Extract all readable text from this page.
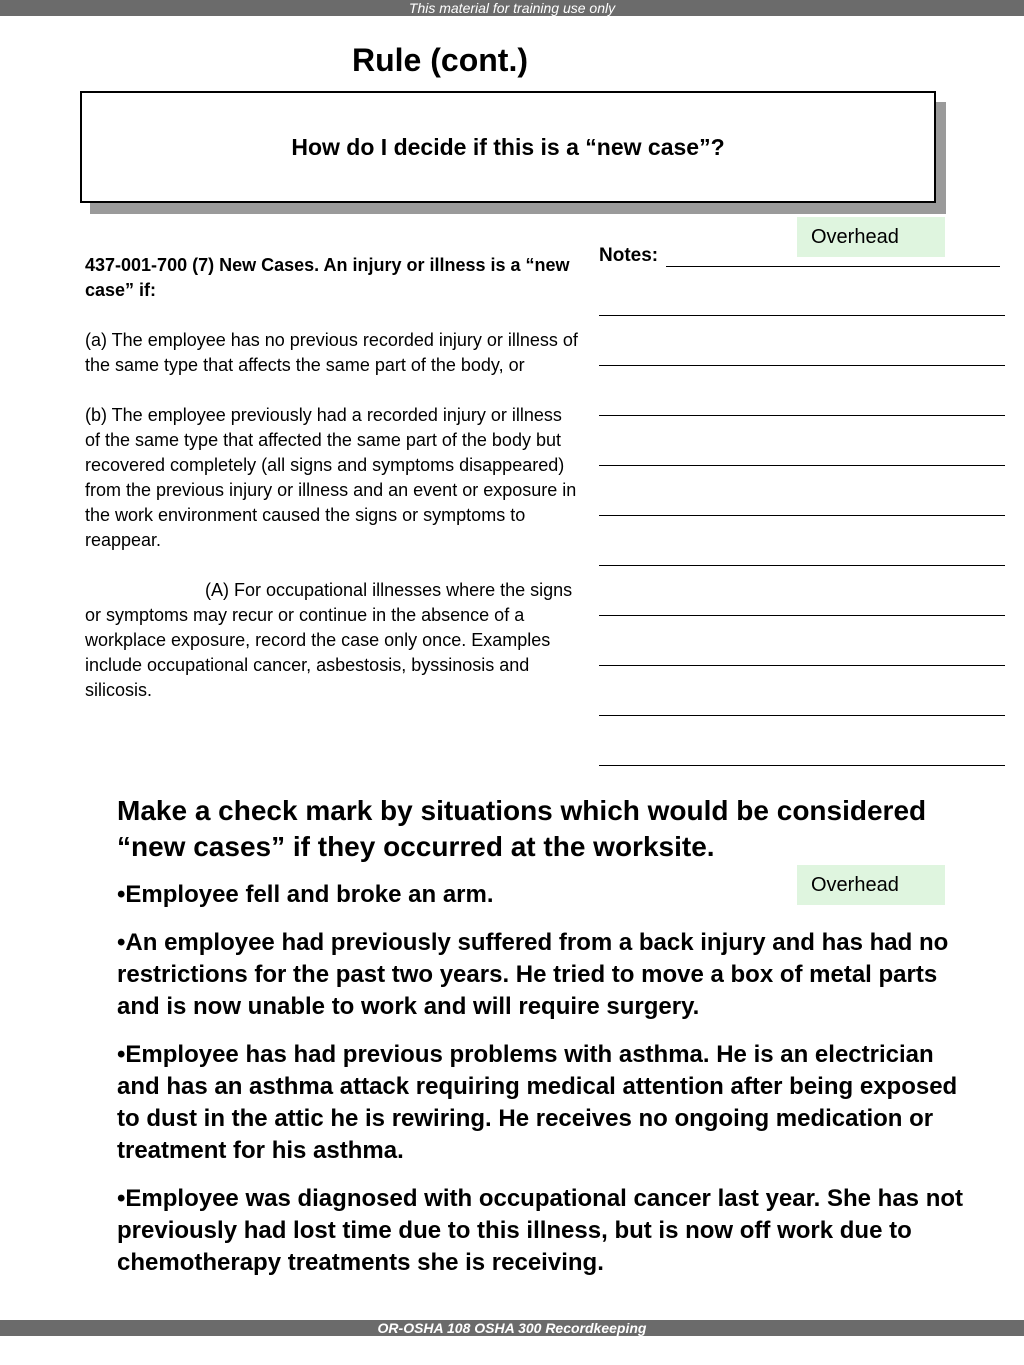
This material for training use only
Rule (cont.)
How do I decide if this is a “new case”?
Overhead

437-001-700 (7) New Cases. An injury or illness is a “new case” if:

(a) The employee has no previous recorded injury or illness of the same type that affects the same part of the body, or

(b) The employee previously had a recorded injury or illness of the same type that affected the same part of the body but recovered completely (all signs and symptoms disappeared) from the previous injury or illness and an event or exposure in the work environment caused the signs or symptoms to reappear.

(A) For occupational illnesses where the signs or symptoms may recur or continue in the absence of a workplace exposure, record the case only once. Examples include occupational cancer, asbestosis, byssinosis and silicosis.

Notes:

Make a check mark by situations which would be considered “new cases” if they occurred at the worksite.

•Employee fell and broke an arm.

•An employee had previously suffered from a back injury and has had no restrictions for the past two years. He tried to move a box of metal parts and is now unable to work and will require surgery.

•Employee has had previous problems with asthma. He is an electrician and has an asthma attack requiring medical attention after being exposed to dust in the attic he is rewiring. He receives no ongoing medication or treatment for his asthma.

•Employee was diagnosed with occupational cancer last year. She has not previously had lost time due to this illness, but is now off work due to chemotherapy treatments she is receiving.

Overhead
OR-OSHA 108 OSHA 300 Recordkeeping
